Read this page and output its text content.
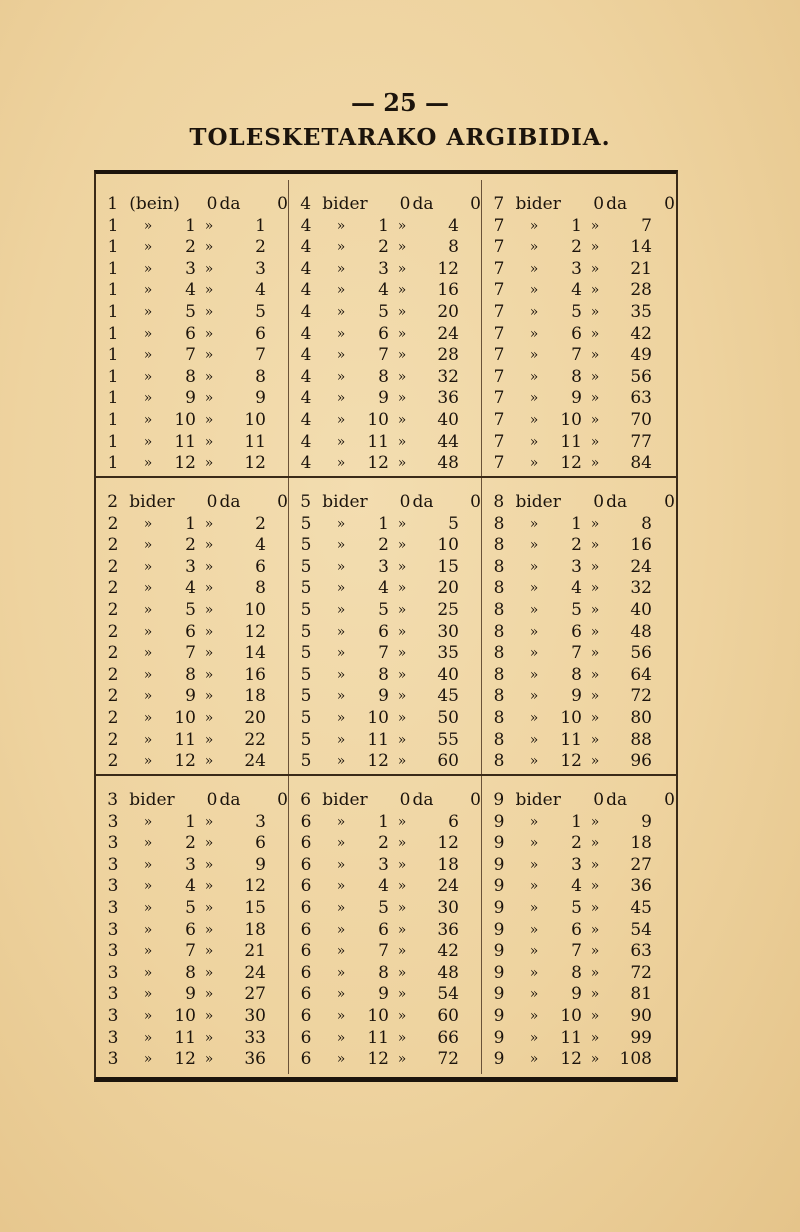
— 25 —
TOLESKETARAKO ARGIBIDIA.
1 (bein)	0 da	0
1	»	1 »	1
1	»	2 »	2
1	»	3 »	3
1	»	4 »	4
1	»	5 »	5
1	»	6 »	6
1	»	7 »	7
1	»	8 »	8
1	»	9 »	9
1	»	10 »	10
1	»	11 »	11
1	»	12 »	12
4 bider	0 da	0
4	»	1 »	4
4	»	2 »	8
4	»	3 »	12
4	»	4 »	16
4	»	5 »	20
4	»	6 »	24
4	»	7 »	28
4	»	8 »	32
4	»	9 »	36
4	»	10 »	40
4	»	11 »	44
4	»	12 »	48
7 bider	0 da	0
7	»	1 »	7
7	»	2 »	14
7	»	3 »	21
7	»	4 »	28
7	»	5 »	35
7	»	6 »	42
7	»	7 »	49
7	»	8 »	56
7	»	9 »	63
7	»	10 »	70
7	»	11 »	77
7	»	12 »	84
2 bider	0 da	0
2	»	1 »	2
2	»	2 »	4
2	»	3 »	6
2	»	4 »	8
2	»	5 »	10
2	»	6 »	12
2	»	7 »	14
2	»	8 »	16
2	»	9 »	18
2	»	10 »	20
2	»	11 »	22
2	»	12 »	24
5 bider	0 da	0
5	»	1 »	5
5	»	2 »	10
5	»	3 »	15
5	»	4 »	20
5	»	5 »	25
5	»	6 »	30
5	»	7 »	35
5	»	8 »	40
5	»	9 »	45
5	»	10 »	50
5	»	11 »	55
5	»	12 »	60
8 bider	0 da	0
8	»	1 »	8
8	»	2 »	16
8	»	3 »	24
8	»	4 »	32
8	»	5 »	40
8	»	6 »	48
8	»	7 »	56
8	»	8 »	64
8	»	9 »	72
8	»	10 »	80
8	»	11 »	88
8	»	12 »	96
3 bider	0 da	0
3	»	1 »	3
3	»	2 »	6
3	»	3 »	9
3	»	4 »	12
3	»	5 »	15
3	»	6 »	18
3	»	7 »	21
3	»	8 »	24
3	»	9 »	27
3	»	10 »	30
3	»	11 »	33
3	»	12 »	36
6 bider	0 da	0
6	»	1 »	6
6	»	2 »	12
6	»	3 »	18
6	»	4 »	24
6	»	5 »	30
6	»	6 »	36
6	»	7 »	42
6	»	8 »	48
6	»	9 »	54
6	»	10 »	60
6	»	11 »	66
6	»	12 »	72
9 bider	0 da	0
9	»	1 »	9
9	»	2 »	18
9	»	3 »	27
9	»	4 »	36
9	»	5 »	45
9	»	6 »	54
9	»	7 »	63
9	»	8 »	72
9	»	9 »	81
9	»	10 »	90
9	»	11 »	99
9	»	12 »	108
